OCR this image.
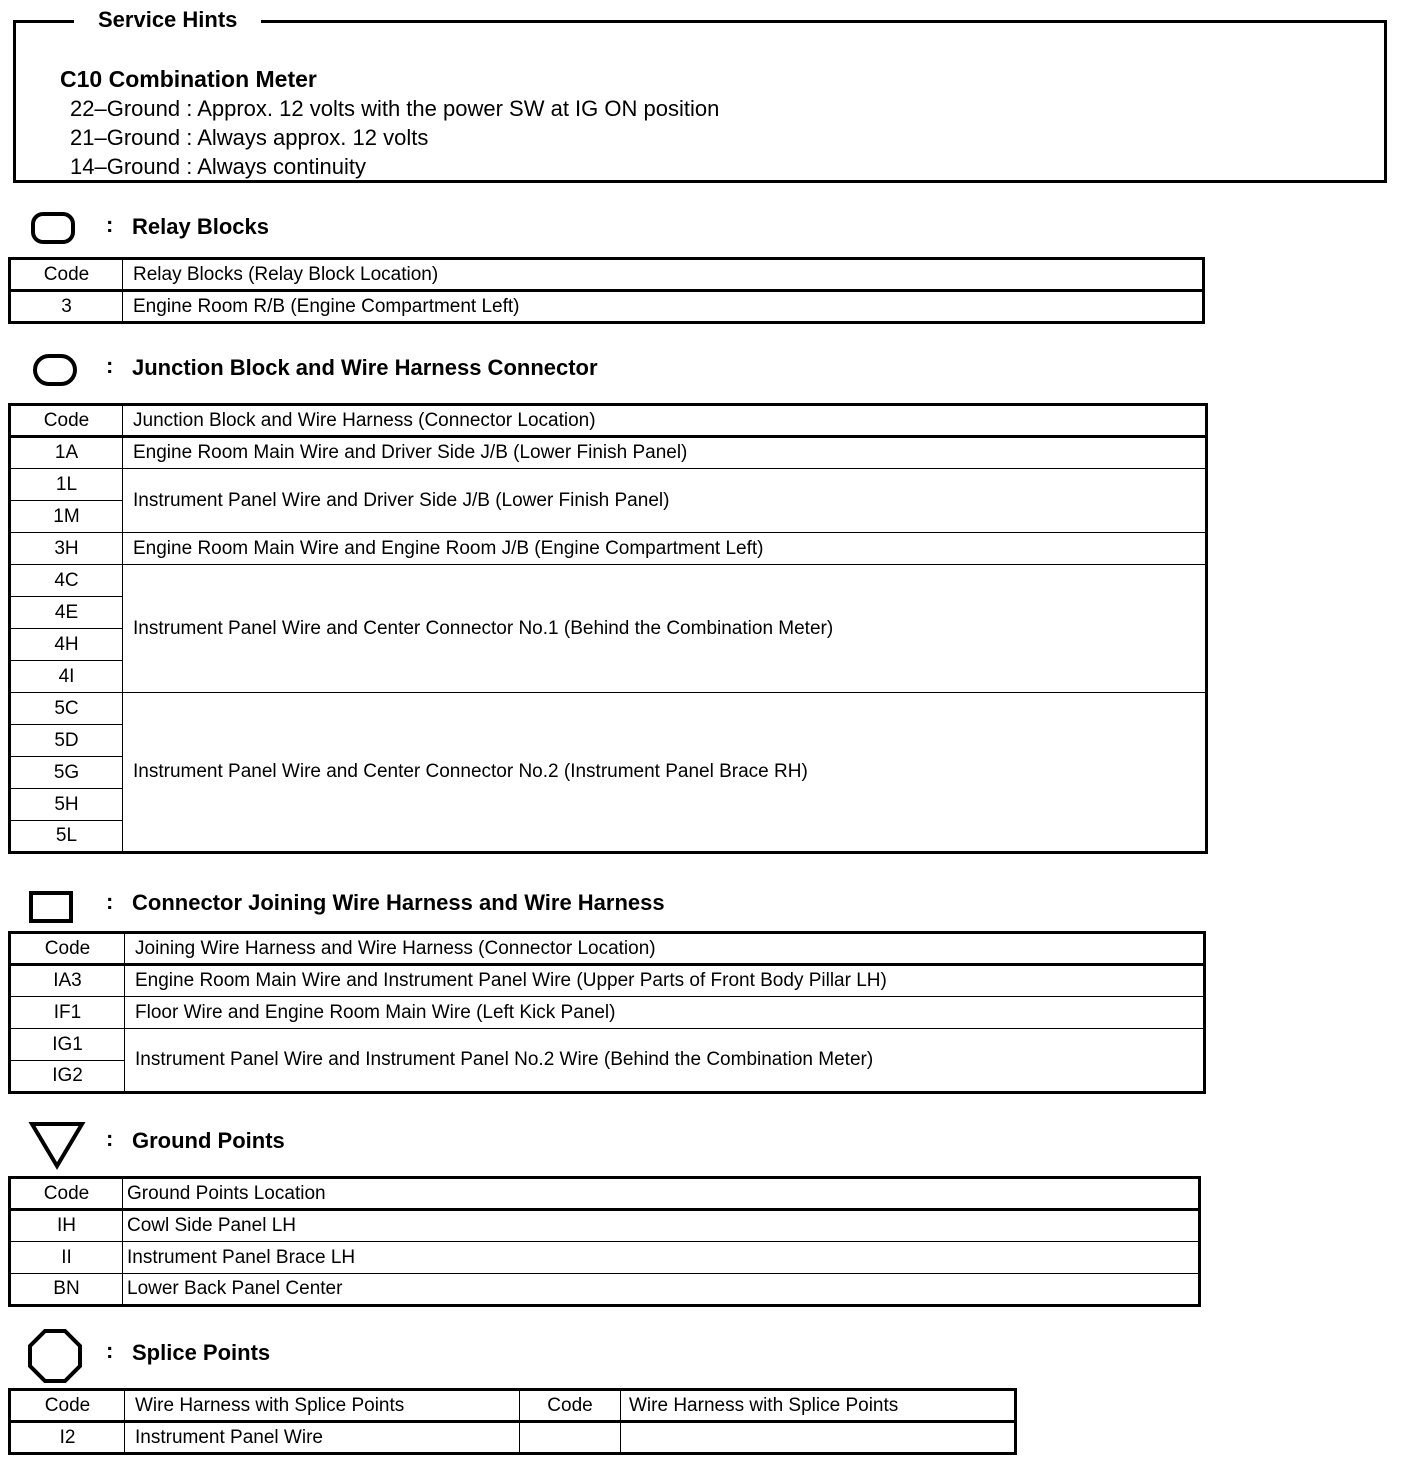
C10 Combination Meter
22–Ground : Approx. 12 volts with the power SW at IG ON position
21–Ground : Always approx. 12 volts
14–Ground : Always continuity
Service Hints
: Relay Blocks
Code	Relay Blocks (Relay Block Location)
3	Engine Room R/B (Engine Compartment Left)
: Junction Block and Wire Harness Connector
Code	Junction Block and Wire Harness (Connector Location)
1A	Engine Room Main Wire and Driver Side J/B (Lower Finish Panel)
1L	Instrument Panel Wire and Driver Side J/B (Lower Finish Panel)
1M	
3H	Engine Room Main Wire and Engine Room J/B (Engine Compartment Left)
4C	Instrument Panel Wire and Center Connector No.1 (Behind the Combination Meter)
4E	
4H	
4I	
5C	Instrument Panel Wire and Center Connector No.2 (Instrument Panel Brace RH)
5D	
5G	
5H	
5L	
: Connector Joining Wire Harness and Wire Harness
Code	Joining Wire Harness and Wire Harness (Connector Location)
IA3	Engine Room Main Wire and Instrument Panel Wire (Upper Parts of Front Body Pillar LH)
IF1	Floor Wire and Engine Room Main Wire (Left Kick Panel)
IG1	Instrument Panel Wire and Instrument Panel No.2 Wire (Behind the Combination Meter)
IG2	
: Ground Points
Code	Ground Points Location
IH	Cowl Side Panel LH
II	Instrument Panel Brace LH
BN	Lower Back Panel Center
: Splice Points
Code	Wire Harness with Splice Points	Code	Wire Harness with Splice Points
I2	Instrument Panel Wire		
